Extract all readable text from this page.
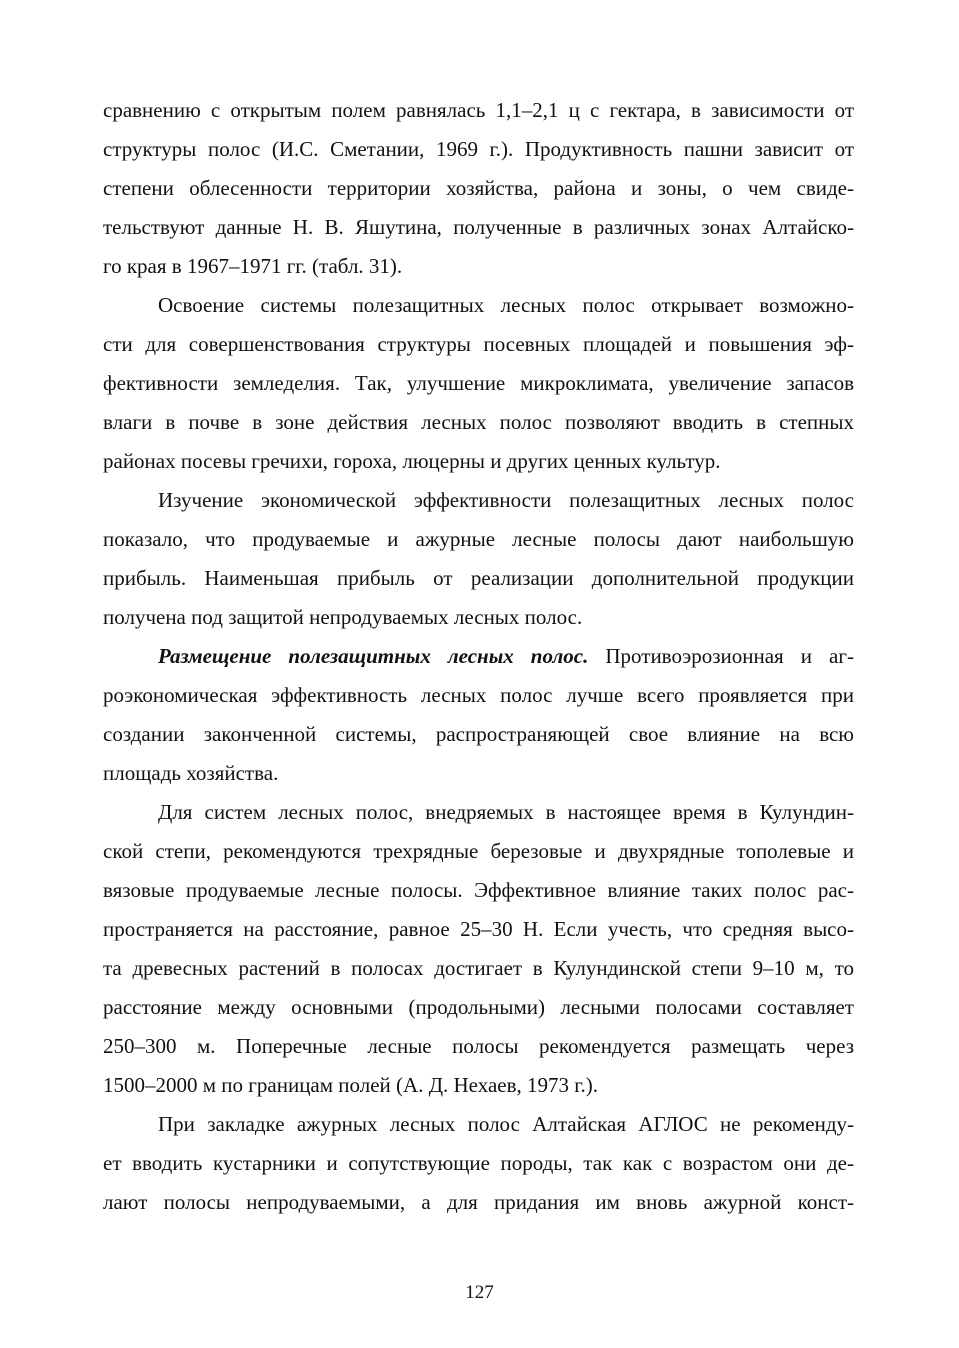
сравнению с открытым полем равнялась 1,1–2,1 ц с гектара, в зависимости от
структуры полос (И.С. Сметании, 1969 г.). Продуктивность пашни зависит от
степени облесенности территории хозяйства, района и зоны, о чем свиде-
тельствуют данные Н. В. Яшутина, полученные в различных зонах Алтайско-
го края в 1967–1971 гг. (табл. 31).
Освоение системы полезащитных лесных полос открывает возможно-
сти для совершенствования структуры посевных площадей и повышения эф-
фективности земледелия. Так, улучшение микроклимата, увеличение запасов
влаги в почве в зоне действия лесных полос позволяют вводить в степных
районах посевы гречихи, гороха, люцерны и других ценных культур.
Изучение экономической эффективности полезащитных лесных полос
показало, что продуваемые и ажурные лесные полосы дают наибольшую
прибыль. Наименьшая прибыль от реализации дополнительной продукции
получена под защитой непродуваемых лесных полос.
Размещение полезащитных лесных полос. Противоэрозионная и аг-
роэкономическая эффективность лесных полос лучше всего проявляется при
создании законченной системы, распространяющей свое влияние на всю
площадь хозяйства.
Для систем лесных полос, внедряемых в настоящее время в Кулундин-
ской степи, рекомендуются трехрядные березовые и двухрядные тополевые и
вязовые продуваемые лесные полосы. Эффективное влияние таких полос рас-
пространяется на расстояние, равное 25–30 Н. Если учесть, что средняя высо-
та древесных растений в полосах достигает в Кулундинской степи 9–10 м, то
расстояние между основными (продольными) лесными полосами составляет
250–300 м. Поперечные лесные полосы рекомендуется размещать через
1500–2000 м по границам полей (А. Д. Нехаев, 1973 г.).
При закладке ажурных лесных полос Алтайская АГЛОС не рекоменду-
ет вводить кустарники и сопутствующие породы, так как с возрастом они де-
лают полосы непродуваемыми, а для придания им вновь ажурной конст-
127
